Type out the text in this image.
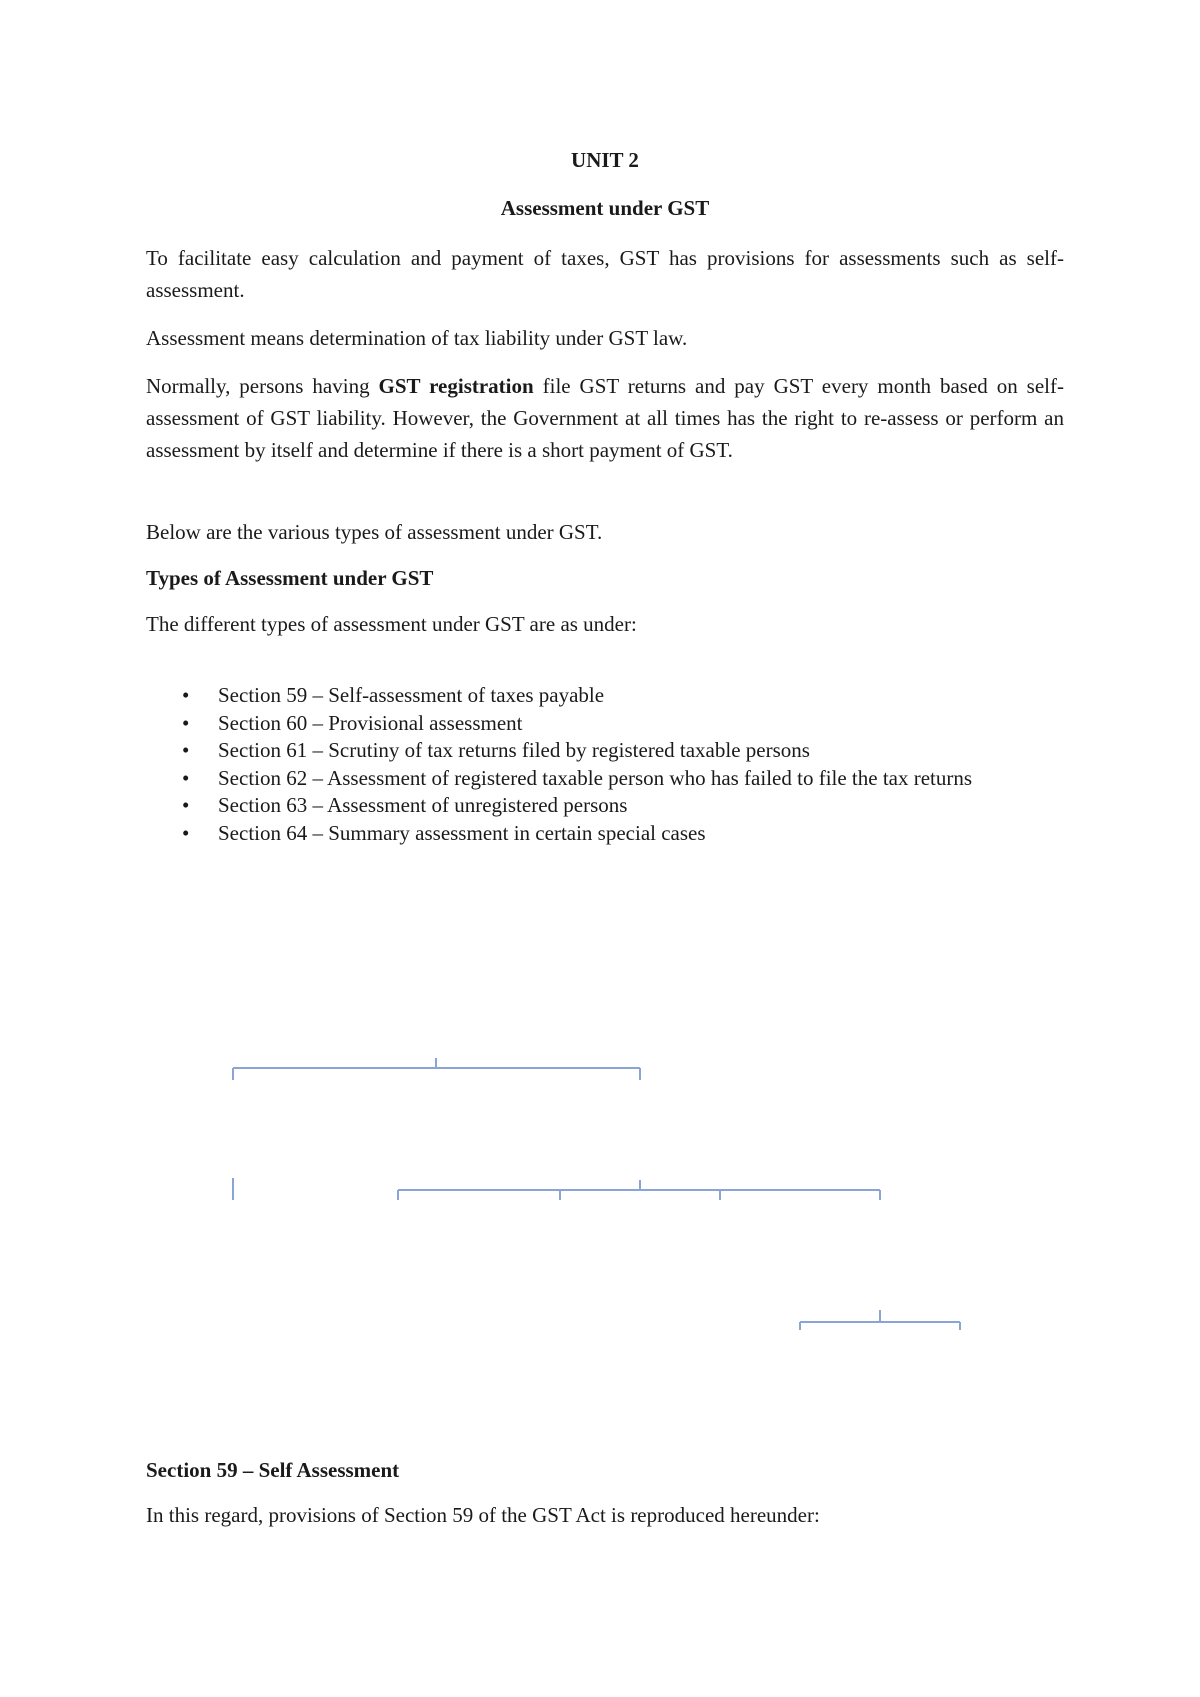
UNIT 2
Assessment under GST

To facilitate easy calculation and payment of taxes, GST has provisions for assessments such as self-assessment.

Assessment means determination of tax liability under GST law.

Normally, persons having GST registration file GST returns and pay GST every month based on self-assessment of GST liability. However, the Government at all times has the right to re-assess or perform an assessment by itself and determine if there is a short payment of GST.

Below are the various types of assessment under GST.

Types of Assessment under GST

The different types of assessment under GST are as under:

• Section 59 – Self-assessment of taxes payable
• Section 60 – Provisional assessment
• Section 61 – Scrutiny of tax returns filed by registered taxable persons
• Section 62 – Assessment of registered taxable person who has failed to file the tax returns
• Section 63 – Assessment of unregistered persons
• Section 64 – Summary assessment in certain special cases
Section 59 – Self Assessment

In this regard, provisions of Section 59 of the GST Act is reproduced hereunder:
